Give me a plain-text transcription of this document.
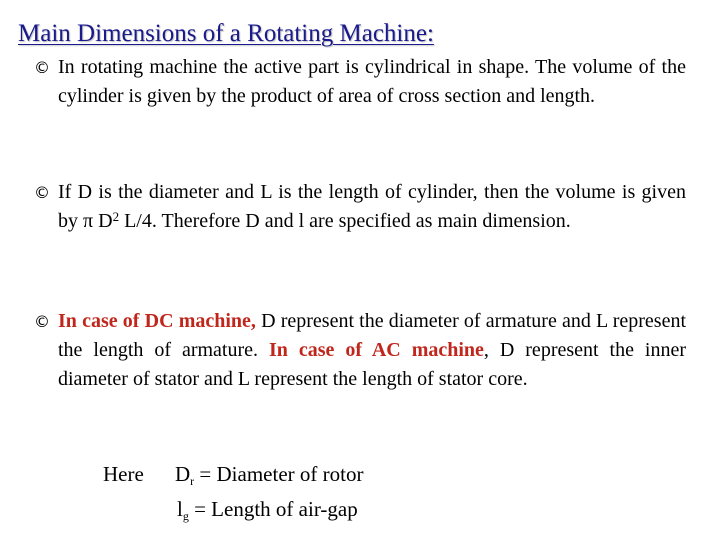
Main Dimensions of a Rotating Machine:
© In rotating machine the active part is cylindrical in shape. The volume of the cylinder is given by the product of area of cross section and length.
© If D is the diameter and L is the length of cylinder, then the volume is given by π $D^2$ L/4. Therefore D and l are specified as main dimension.
© In case of DC machine, D represent the diameter of armature and L represent the length of armature. In case of AC machine, D represent the inner diameter of stator and L represent the length of stator core.
Here $D_r$ = Diameter of rotor
$l_g$ = Length of air-gap
